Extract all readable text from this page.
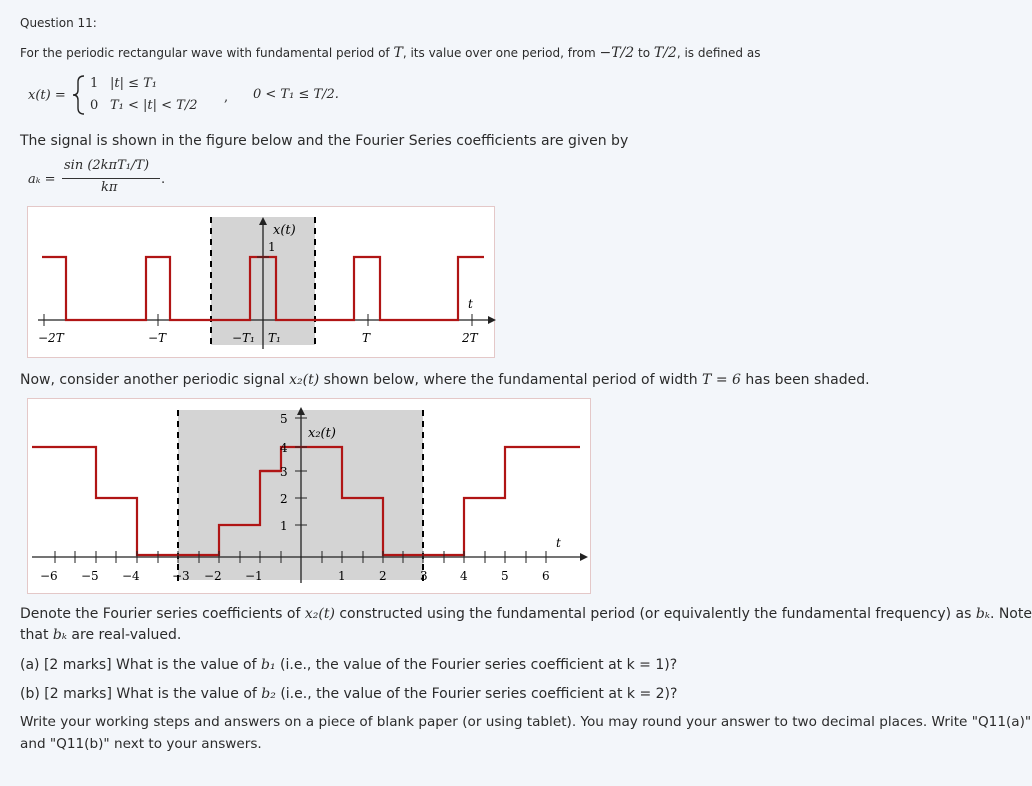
Question 11:
For the periodic rectangular wave with fundamental period of T, its value over one period, from −T/2 to T/2, is defined as
x(t) =
1 |t| ≤ T₁
0 T₁ < |t| < T/2
, 0 < T₁ ≤ T/2.
The signal is shown in the figure below and the Fourier Series coefficients are given by
aₖ =
sin (2kπT₁/T)
kπ
.
x(t)
1
t
−2T	−T	−T₁ T₁	T	2T
Now, consider another periodic signal x₂(t) shown below, where the fundamental period of width T = 6 has been shaded.
x₂(t)
t
1
2
3
4
5
−6 −5 −4	−3 −2 −1	1	2	3	4	5	6
Denote the Fourier series coefficients of x₂(t) constructed using the fundamental period (or equivalently the fundamental frequency) as bₖ. Note
that bₖ are real-valued.
(a) [2 marks] What is the value of b₁ (i.e., the value of the Fourier series coefficient at k = 1)?
(b) [2 marks] What is the value of b₂ (i.e., the value of the Fourier series coefficient at k = 2)?
Write your working steps and answers on a piece of blank paper (or using tablet). You may round your answer to two decimal places. Write "Q11(a)"
and "Q11(b)" next to your answers.
